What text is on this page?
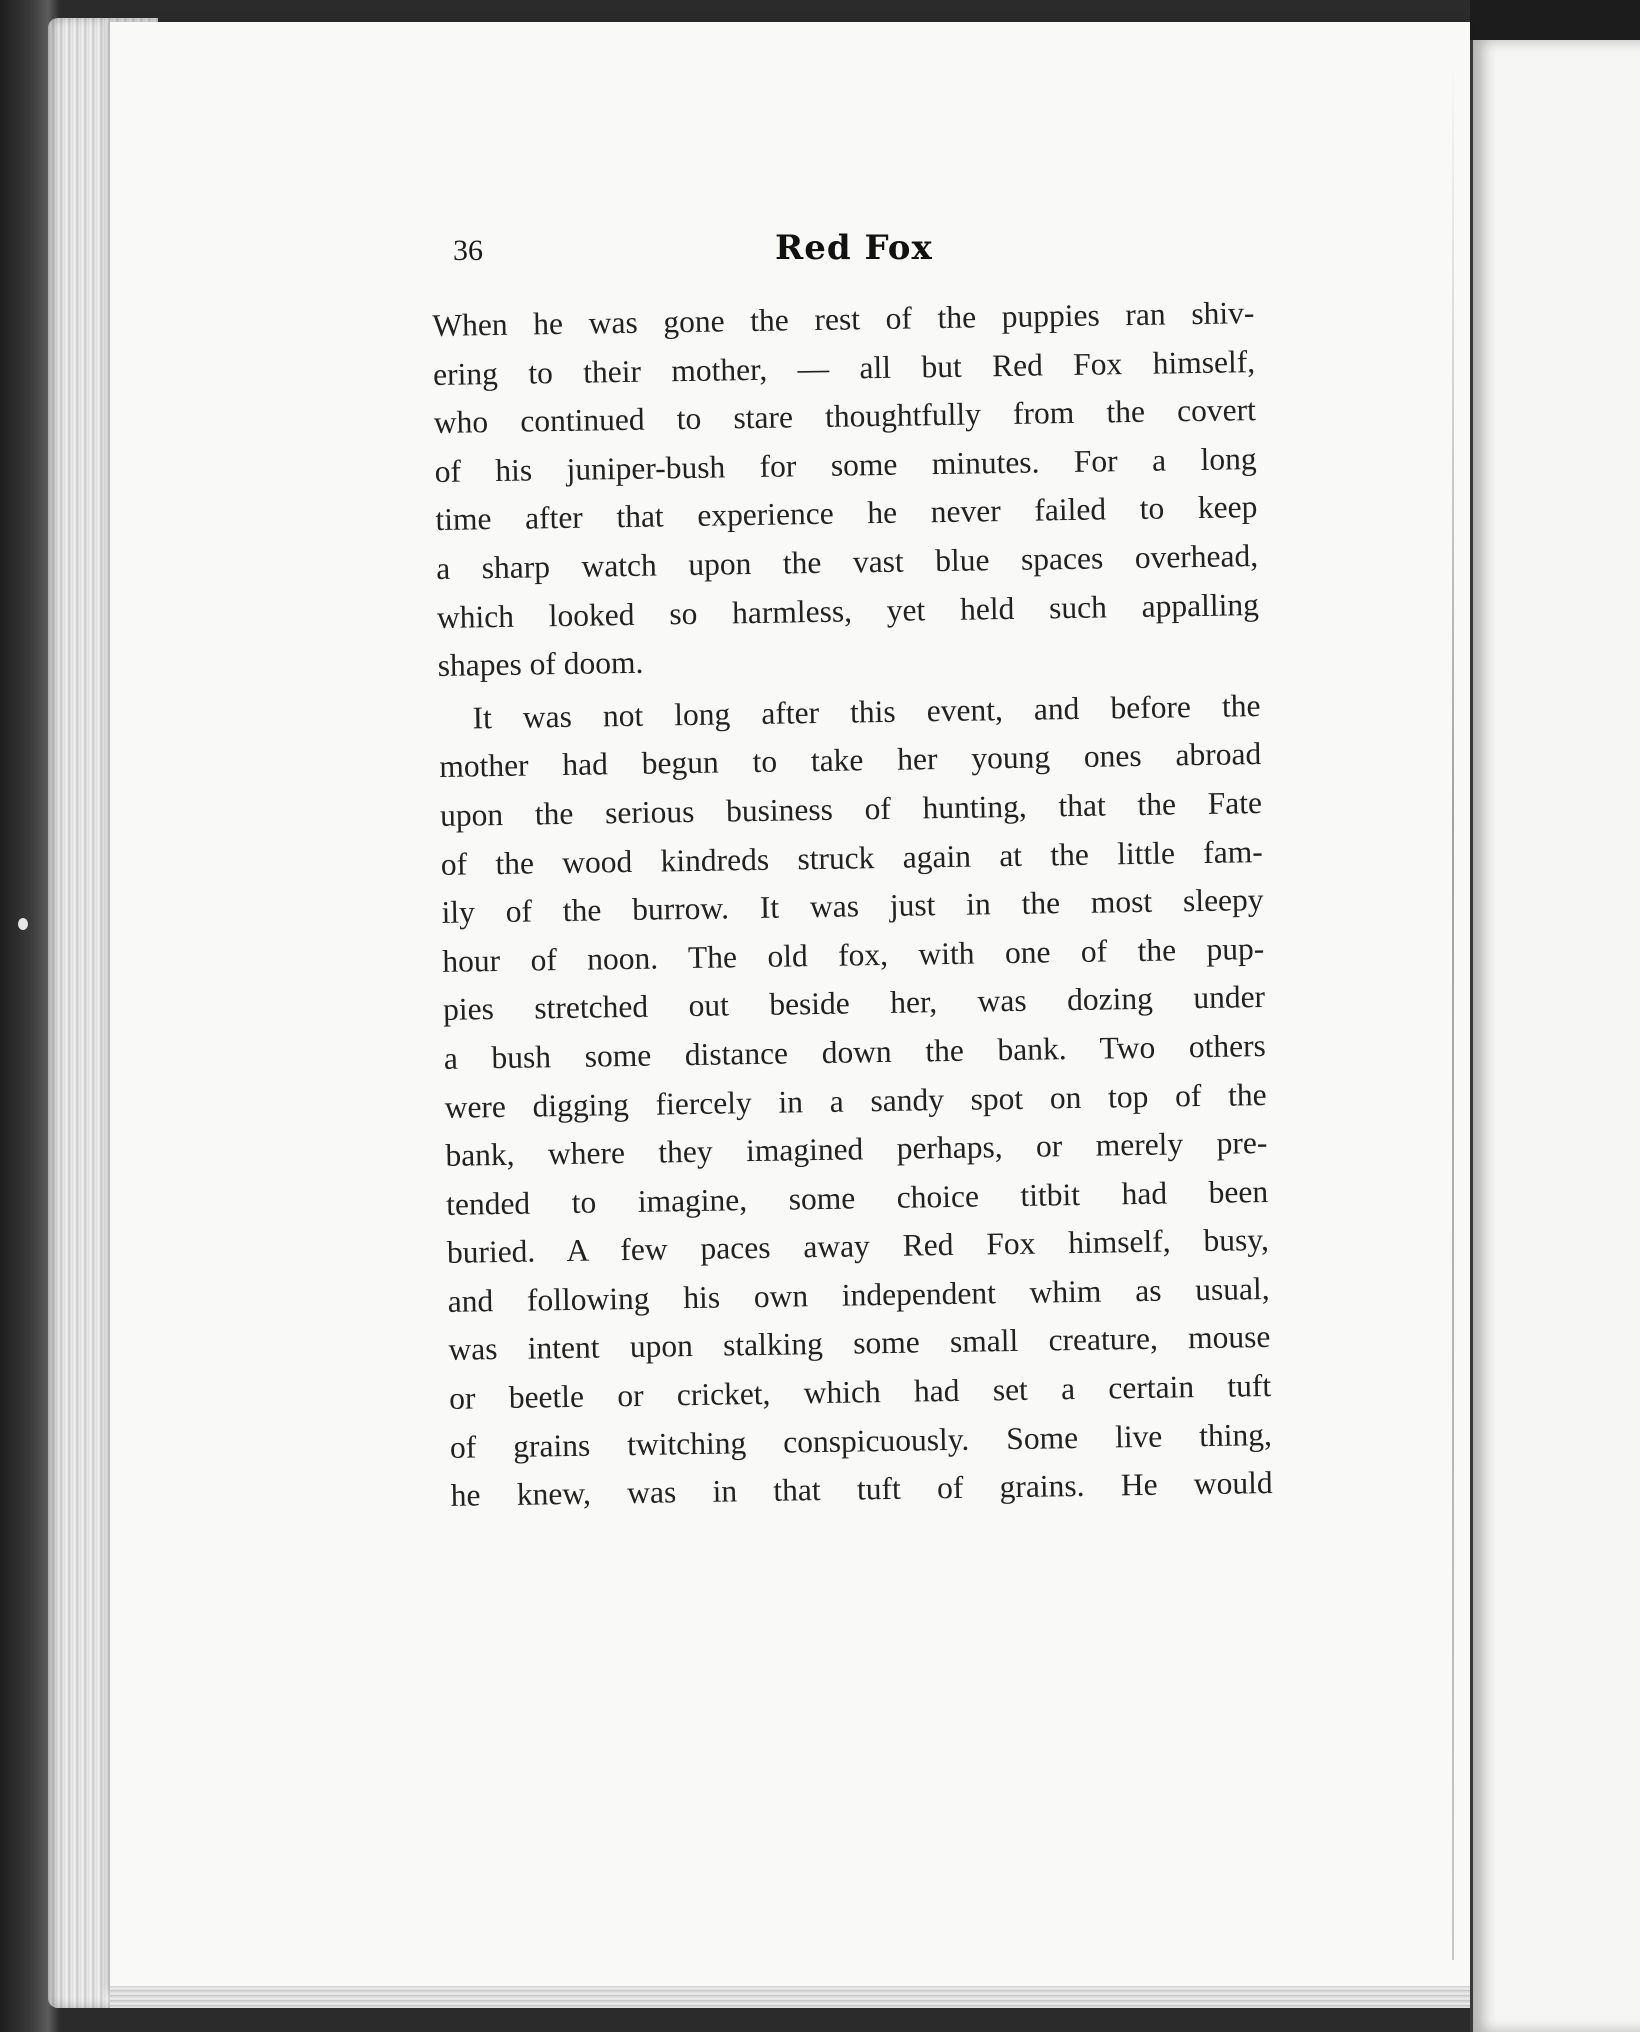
36	Red Fox
When he was gone the rest of the puppies ran shiv-
ering to their mother, — all but Red Fox himself,
who continued to stare thoughtfully from the covert
of his juniper-bush for some minutes. For a long
time after that experience he never failed to keep
a sharp watch upon the vast blue spaces overhead,
which looked so harmless, yet held such appalling
shapes of doom.
It was not long after this event, and before the
mother had begun to take her young ones abroad
upon the serious business of hunting, that the Fate
of the wood kindreds struck again at the little fam-
ily of the burrow. It was just in the most sleepy
hour of noon. The old fox, with one of the pup-
pies stretched out beside her, was dozing under
a bush some distance down the bank. Two others
were digging fiercely in a sandy spot on top of the
bank, where they imagined perhaps, or merely pre-
tended to imagine, some choice titbit had been
buried. A few paces away Red Fox himself, busy,
and following his own independent whim as usual,
was intent upon stalking some small creature, mouse
or beetle or cricket, which had set a certain tuft
of grains twitching conspicuously. Some live thing,
he knew, was in that tuft of grains. He would
